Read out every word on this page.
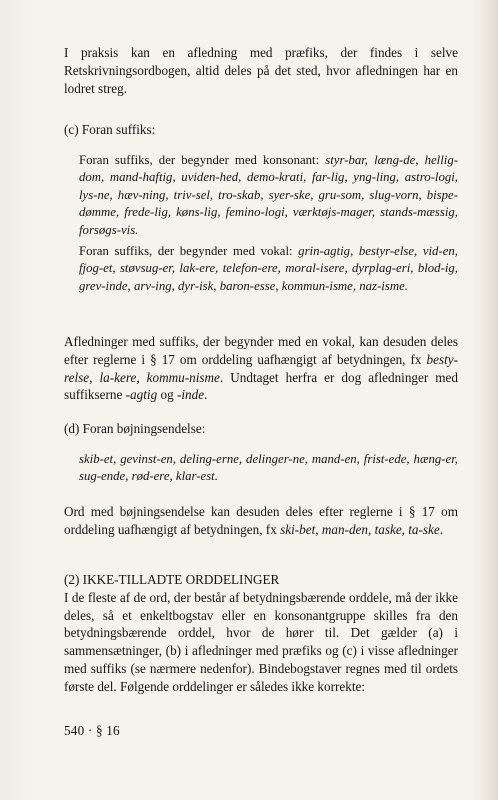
I praksis kan en afledning med præfiks, der findes i selve Retskrivningsordbogen, altid deles på det sted, hvor afledningen har en lodret streg.

(c) Foran suffiks:

Foran suffiks, der begynder med konsonant: styr-bar, læng-de, hellig-dom, mand-haftig, uviden-hed, demo-krati, far-lig, yng-ling, astro-logi, lys-ne, hæv-ning, triv-sel, tro-skab, syer-ske, gru-som, slug-vorn, bispe-dømme, frede-lig, køns-lig, femino-logi, værktøjs-mager, stands-mæssig, forsøgs-vis.

Foran suffiks, der begynder med vokal: grin-agtig, bestyr-else, vid-en, fjog-et, støvsug-er, lak-ere, telefon-ere, moral-isere, dyrplag-eri, blod-ig, grev-inde, arv-ing, dyr-isk, baron-esse, kommun-isme, naz-isme.

Afledninger med suffiks, der begynder med en vokal, kan desuden deles efter reglerne i § 17 om orddeling uafhængigt af betydningen, fx besty-relse, la-kere, kommu-nisme. Undtaget herfra er dog afledninger med suffikserne -agtig og -inde.

(d) Foran bøjningsendelse:

skib-et, gevinst-en, deling-erne, delinger-ne, mand-en, frist-ede, hæng-er, sug-ende, rød-ere, klar-est.

Ord med bøjningsendelse kan desuden deles efter reglerne i § 17 om orddeling uafhængigt af betydningen, fx ski-bet, man-den, taske, ta-ske.

(2) IKKE-TILLADTE ORDDELINGER

I de fleste af de ord, der består af betydningsbærende orddele, må der ikke deles, så et enkeltbogstav eller en konsonantgruppe skilles fra den betydningsbærende orddel, hvor de hører til. Det gælder (a) i sammensætninger, (b) i afledninger med præfiks og (c) i visse afledninger med suffiks (se nærmere nedenfor). Bindebogstaver regnes med til ordets første del. Følgende orddelinger er således ikke korrekte:

540 · § 16
